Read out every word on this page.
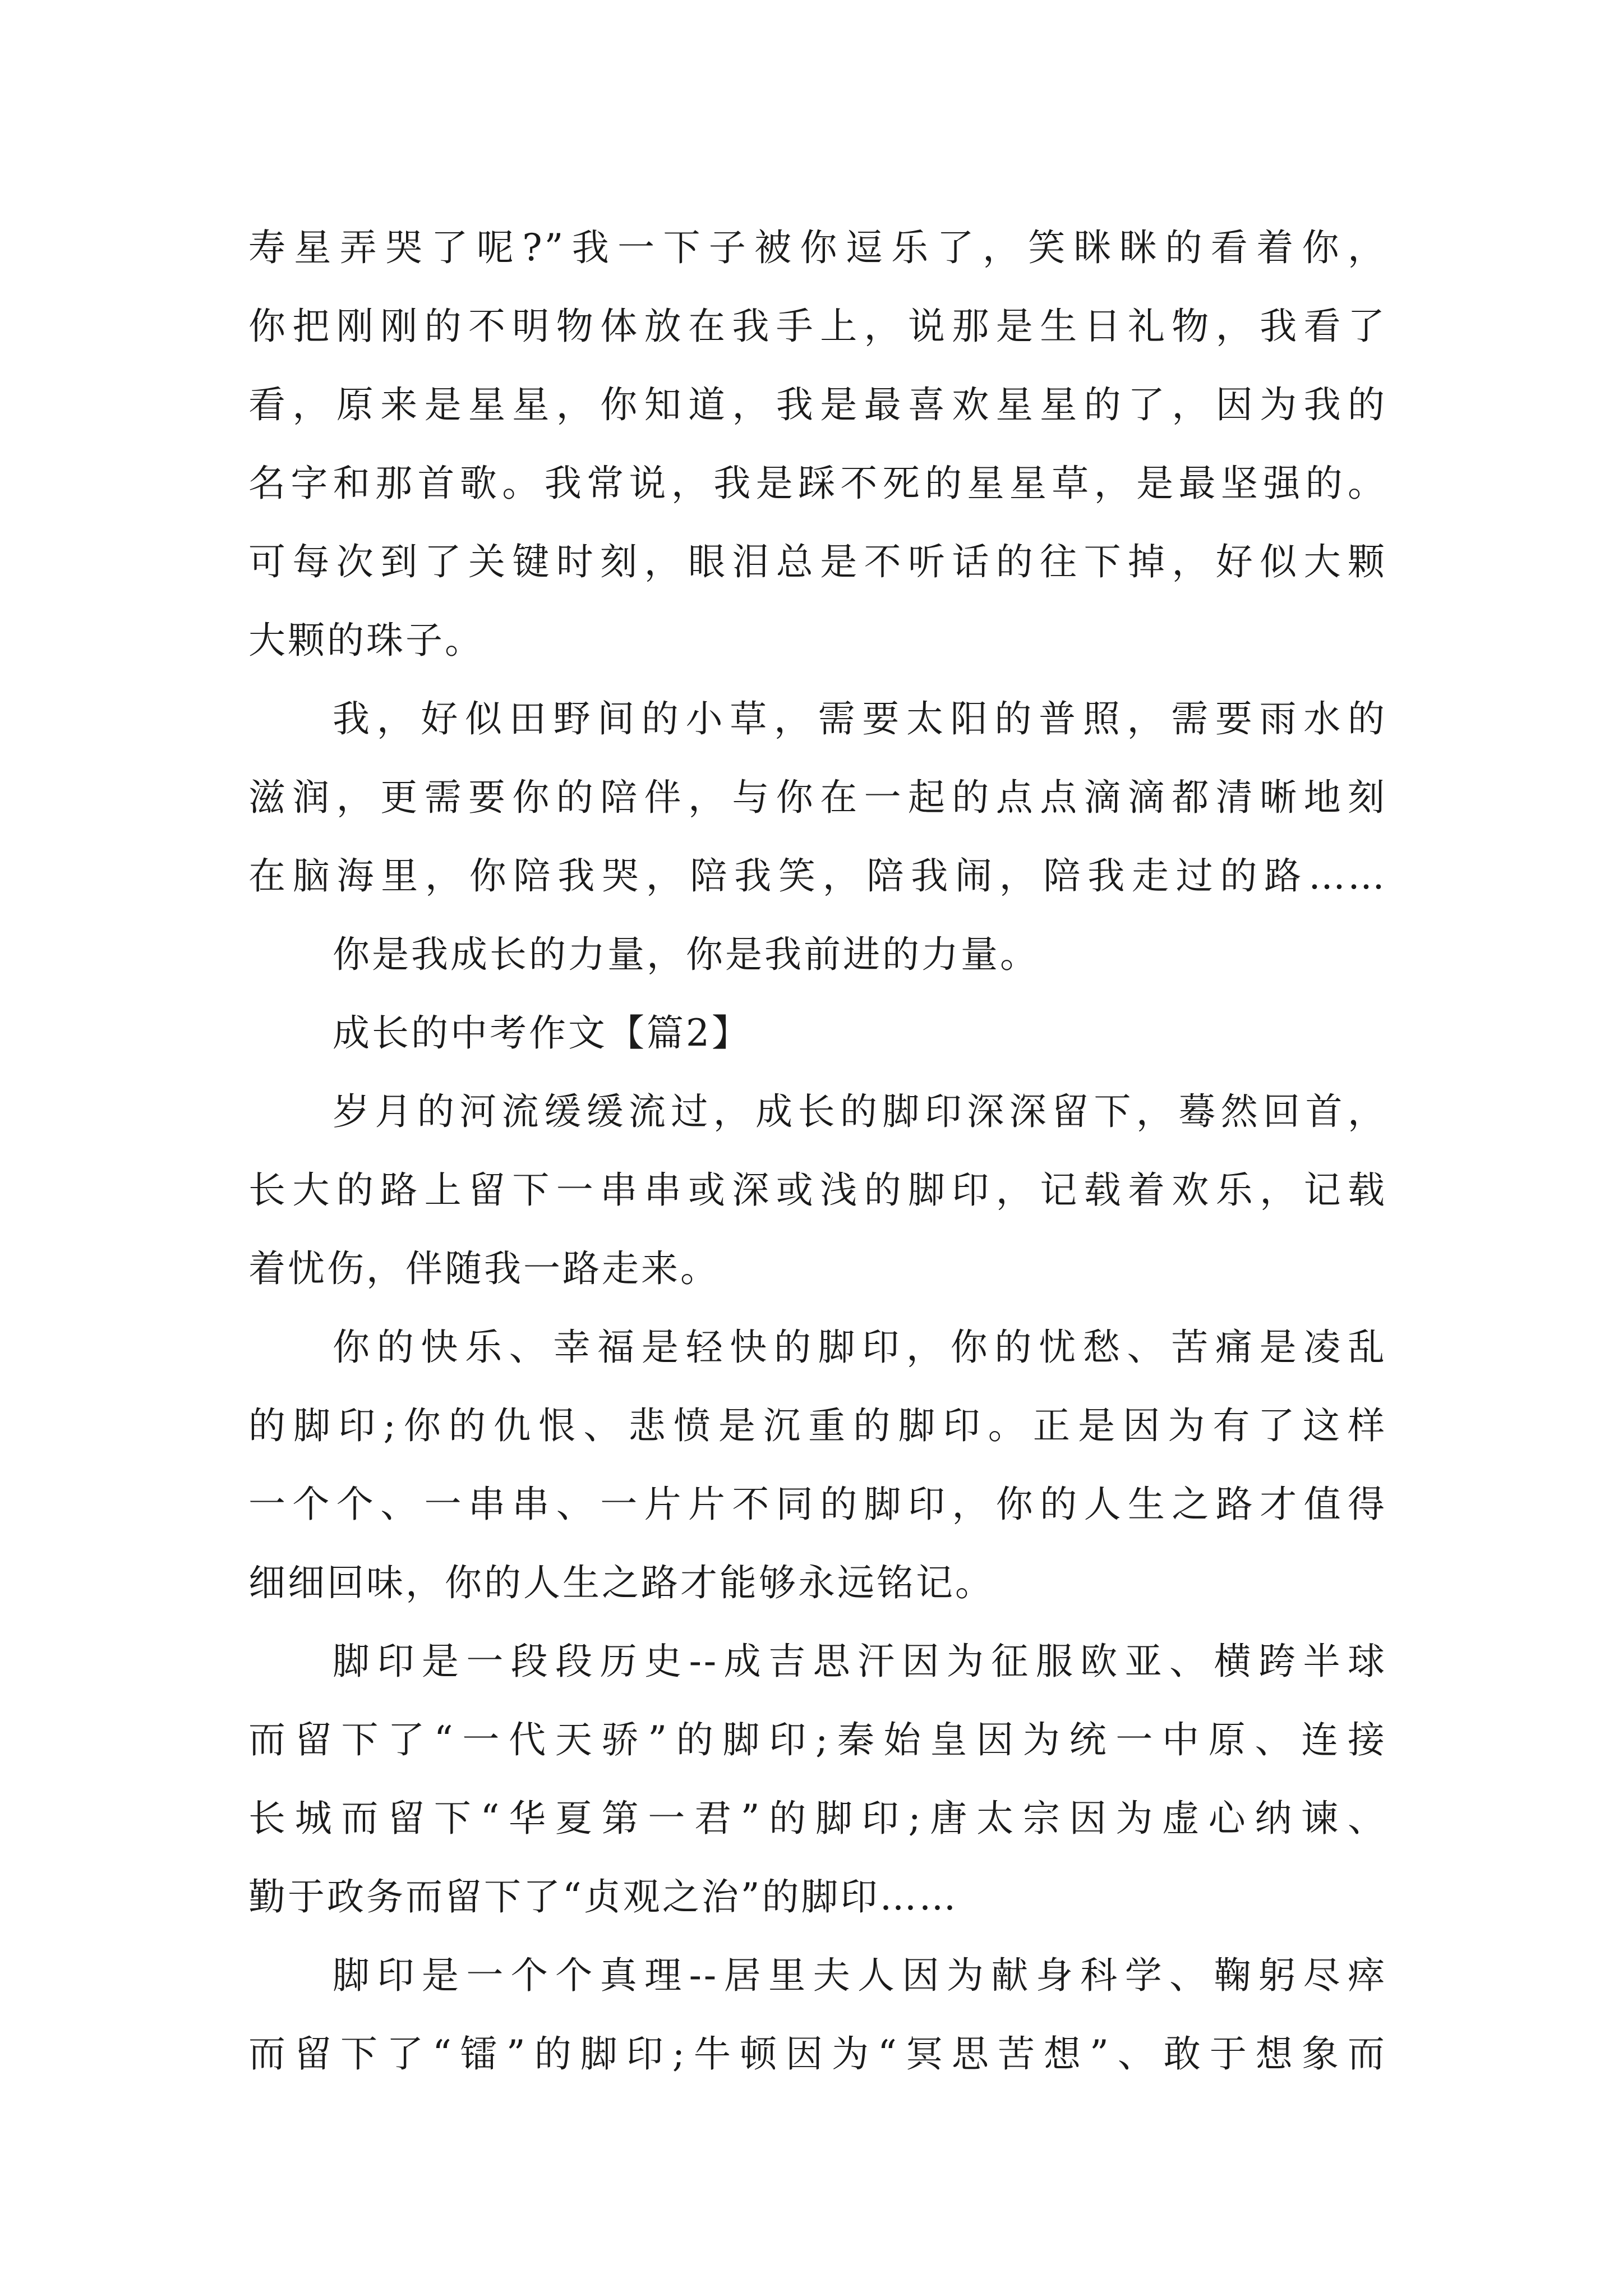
寿星弄哭了呢?”我一下子被你逗乐了，笑眯眯的看着你，
你把刚刚的不明物体放在我手上，说那是生日礼物，我看了
看，原来是星星，你知道，我是最喜欢星星的了，因为我的
名字和那首歌。我常说，我是踩不死的星星草，是最坚强的。
可每次到了关键时刻，眼泪总是不听话的往下掉，好似大颗
大颗的珠子。
我，好似田野间的小草，需要太阳的普照，需要雨水的
滋润，更需要你的陪伴，与你在一起的点点滴滴都清晰地刻
在脑海里，你陪我哭，陪我笑，陪我闹，陪我走过的路……
你是我成长的力量，你是我前进的力量。
成长的中考作文【篇2】
岁月的河流缓缓流过，成长的脚印深深留下，蓦然回首，
长大的路上留下一串串或深或浅的脚印，记载着欢乐，记载
着忧伤，伴随我一路走来。
你的快乐、幸福是轻快的脚印，你的忧愁、苦痛是凌乱
的脚印;你的仇恨、悲愤是沉重的脚印。正是因为有了这样
一个个、一串串、一片片不同的脚印，你的人生之路才值得
细细回味，你的人生之路才能够永远铭记。
脚印是一段段历史--成吉思汗因为征服欧亚、横跨半球
而留下了“一代天骄”的脚印;秦始皇因为统一中原、连接
长城而留下“华夏第一君”的脚印;唐太宗因为虚心纳谏、
勤于政务而留下了“贞观之治”的脚印……
脚印是一个个真理--居里夫人因为献身科学、鞠躬尽瘁
而留下了“镭”的脚印;牛顿因为“冥思苦想”、敢于想象而
